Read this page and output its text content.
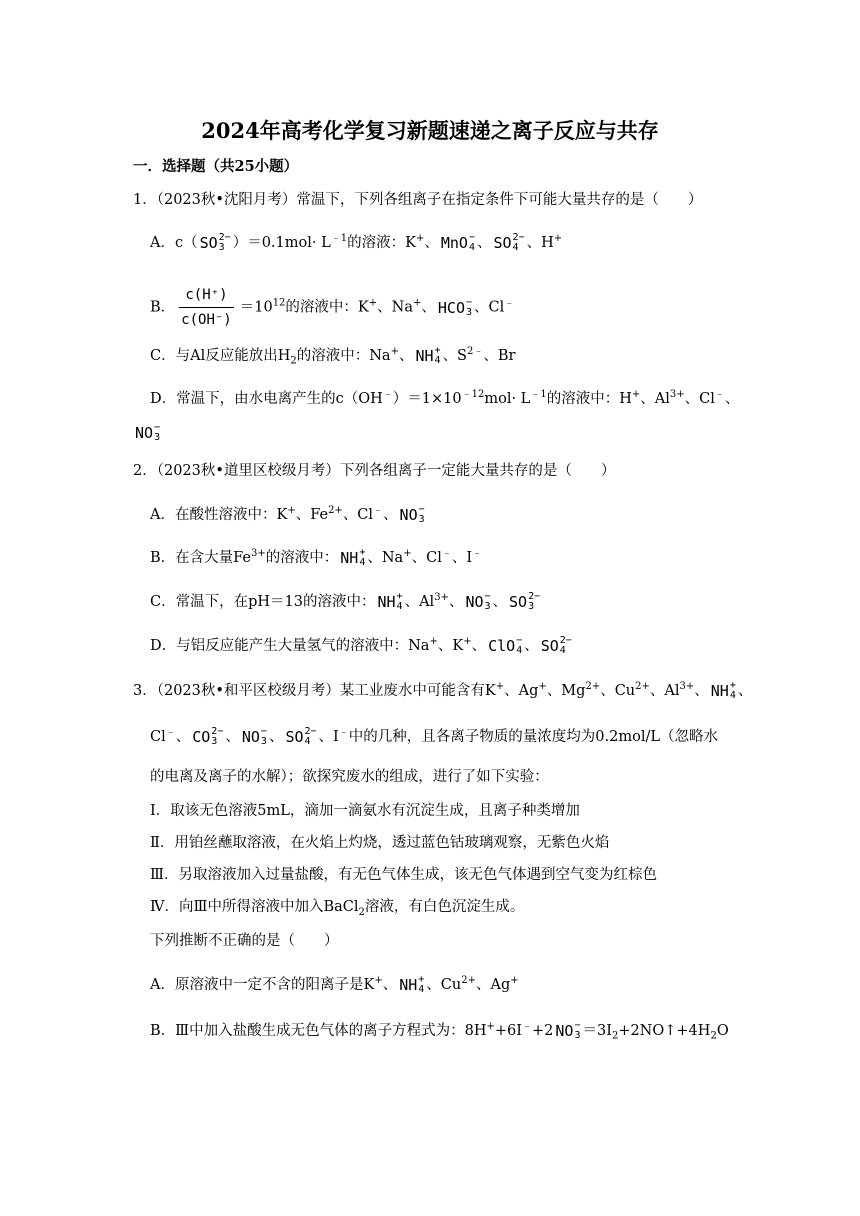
2024年高考化学复习新题速递之离子反应与共存
一．选择题（共25小题）
1．（2023秋•沈阳月考）常温下，下列各组离子在指定条件下可能大量共存的是（　　）
A．c（ SO 2−
3 ）$=0.1mol\cdot L^{﹣1}$的溶液：K+、 MnO −
4 、 SO 2−
4 、H+
B． $\frac{c(H^+)}{c(OH^-)} =10^{12}$的溶液中：K+、Na+、 HCO −
3 、Cl﹣
C．与Al反应能放出$H_2$的溶液中：Na+、 NH +
4 、$S^{2﹣}$、Br
D．常温下，由水电离产生的$c(OH^﹣)=1\times 10^{﹣12}mol\cdot L^{﹣1}$的溶液中：H+、$Al^{3+}$、Cl﹣、
NO −
3
2．（2023秋•道里区校级月考）下列各组离子一定能大量共存的是（　　）
A．在酸性溶液中：K+、$Fe^{2+}$、Cl﹣、 NO −
3
B．在含大量$Fe^{3+}$的溶液中： NH +
4 、Na+、Cl﹣、I﹣
C．常温下，在pH＝13的溶液中： NH +
4 、$Al^{3+}$、 NO −
3 、 SO 2−
3
D．与铝反应能产生大量氢气的溶液中：Na+、K+、 ClO −
4 、 SO 2−
4
3．（2023秋•和平区校级月考）某工业废水中可能含有K+、Ag+、$Mg^{2+}$、$Cu^{2+}$、$Al^{3+}$、 NH +
4 、
Cl﹣、 CO 2−
3 、 NO −
3 、 SO 2−
4 、I﹣中的几种，且各离子物质的量浓度均为0.2mol/L（忽略水
的电离及离子的水解）；欲探究废水的组成，进行了如下实验：
Ⅰ．取该无色溶液5mL，滴加一滴氨水有沉淀生成，且离子种类增加
Ⅱ．用铂丝蘸取溶液，在火焰上灼烧，透过蓝色钴玻璃观察，无紫色火焰
Ⅲ．另取溶液加入过量盐酸，有无色气体生成，该无色气体遇到空气变为红棕色
Ⅳ．向Ⅲ中所得溶液中加入BaCl$_2$溶液，有白色沉淀生成。
下列推断不正确的是（　　）
A．原溶液中一定不含的阳离子是K+、 NH +
4 、$Cu^{2+}$、Ag+
B．Ⅲ中加入盐酸生成无色气体的离子方程式为：8H++6I﹣+2 NO −
$3 =3I_2+2NO↑+4H_2O$
